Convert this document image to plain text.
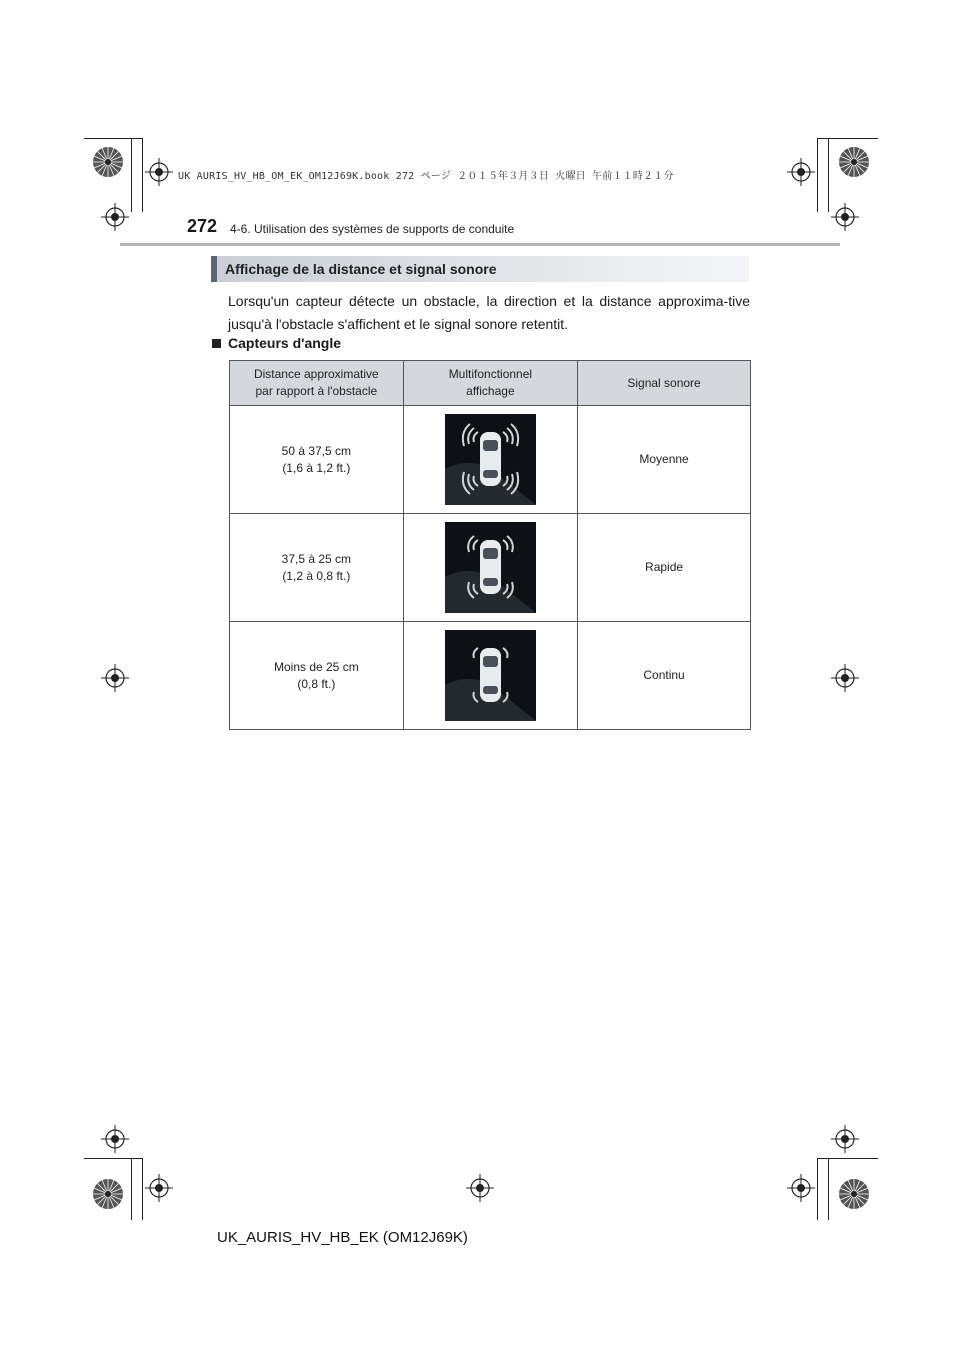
UK AURIS_HV_HB_OM_EK_OM12J69K.book 272 ページ ２０１５年３月３日 火曜日 午前１１時２１分
272 4-6. Utilisation des systèmes de supports de conduite
Affichage de la distance et signal sonore
Lorsqu'un capteur détecte un obstacle, la direction et la distance approxima-tive jusqu'à l'obstacle s'affichent et le signal sonore retentit.
Capteurs d'angle
Distance approximative par rapport à l'obstacle	Multifonctionnel affichage	Signal sonore

50 à 37,5 cm
(1,6 à 1,2 ft.)		Moyenne

37,5 à 25 cm
(1,2 à 0,8 ft.)		Rapide

Moins de 25 cm
(0,8 ft.)		Continu
UK_AURIS_HV_HB_EK (OM12J69K)
